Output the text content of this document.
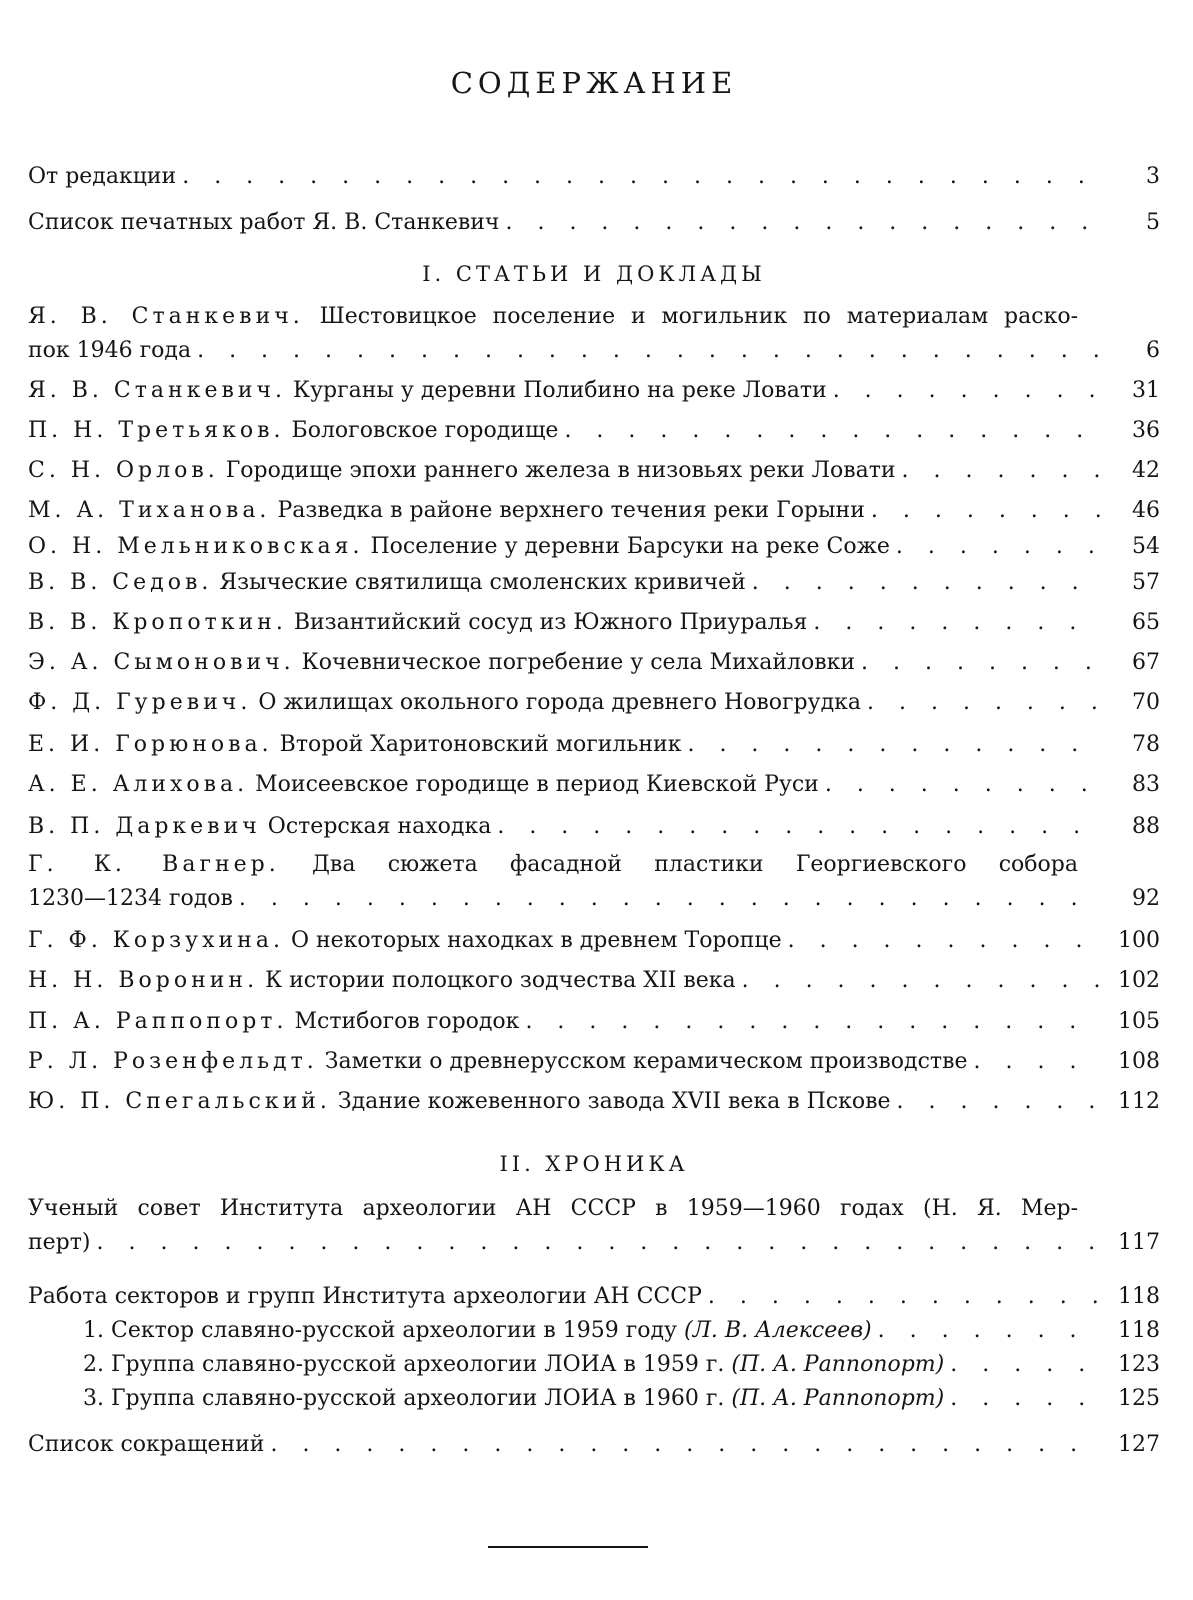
СОДЕРЖАНИЕ
От редакции . . .	3
Список печатных работ Я. В. Станкевич . . .	5
I. СТАТЬИ И ДОКЛАДЫ
Я. В. Станкевич. Шестовицкое поселение и могильник по материалам раско-
пок 1946 года . . .	6
Я. В. Станкевич. Курганы у деревни Полибино на реке Ловати . . .	31
П. Н. Третьяков. Бологовское городище . . .	36
С. Н. Орлов. Городище эпохи раннего железа в низовьях реки Ловати . . .	42
М. А. Тиханова. Разведка в районе верхнего течения реки Горыни . . .	46
О. Н. Мельниковская. Поселение у деревни Барсуки на реке Соже . . .	54
В. В. Седов. Языческие святилища смоленских кривичей . . .	57
В. В. Кропоткин. Византийский сосуд из Южного Приуралья . . .	65
Э. А. Сымонович. Кочевническое погребение у села Михайловки . . .	67
Ф. Д. Гуревич. О жилищах окольного города древнего Новогрудка . . .	70
Е. И. Горюнова. Второй Харитоновский могильник . . .	78
А. Е. Алихова. Моисеевское городище в период Киевской Руси . . .	83
В. П. Даркевич Остерская находка . . .	88
Г. К. Вагнер. Два сюжета фасадной пластики Георгиевского собора
1230—1234 годов . . .	92
Г. Ф. Корзухина. О некоторых находках в древнем Торопце . . .	100
Н. Н. Воронин. К истории полоцкого зодчества XII века . . .	102
П. А. Раппопорт. Мстибогов городок . . .	105
Р. Л. Розенфельдт. Заметки о древнерусском керамическом производстве . . .	108
Ю. П. Спегальский. Здание кожевенного завода XVII века в Пскове . . .	112
II. ХРОНИКА
Ученый совет Института археологии АН СССР в 1959—1960 годах (Н. Я. Мер-
перт) . . .	117
Работа секторов и групп Института археологии АН СССР . . .	118
1. Сектор славяно-русской археологии в 1959 году (Л. В. Алексеев) . . .	118
2. Группа славяно-русской археологии ЛОИА в 1959 г. (П. А. Раппопорт) . . .	123
3. Группа славяно-русской археологии ЛОИА в 1960 г. (П. А. Раппопорт) . . .	125
Список сокращений . . .	127
